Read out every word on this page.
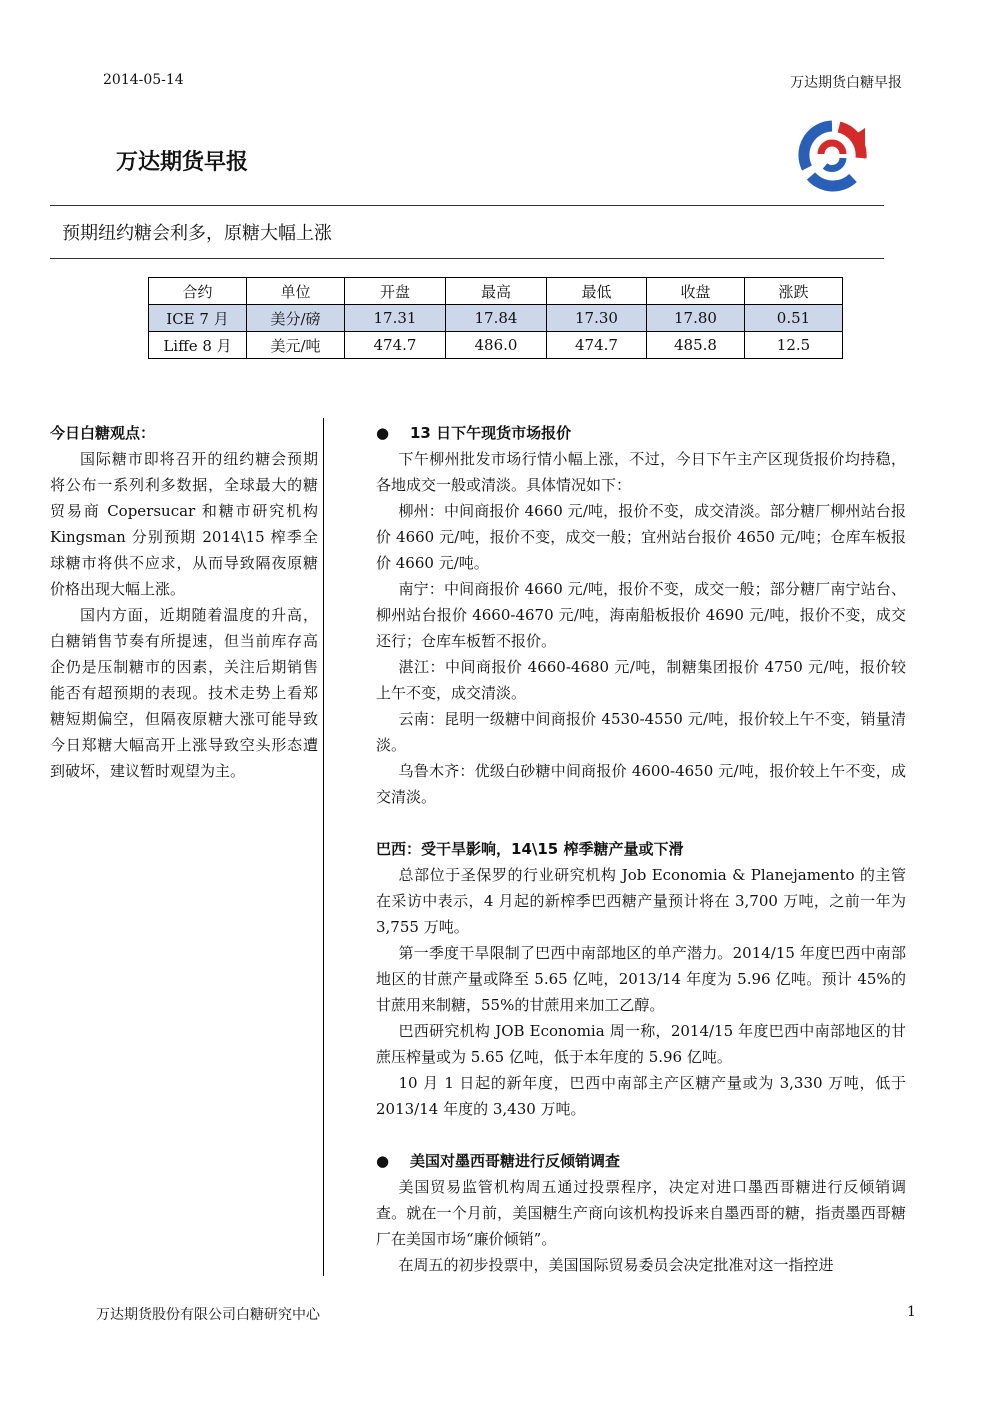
2014-05-14	万达期货白糖早报
万达期货早报
预期纽约糖会利多，原糖大幅上涨
合约	单位	开盘	最高	最低	收盘	涨跌
ICE 7 月	美分/磅	17.31	17.84	17.30	17.80	0.51
Liffe 8 月	美元/吨	474.7	486.0	474.7	485.8	12.5
今日白糖观点：

国际糖市即将召开的纽约糖会预期将公布一系列利多数据，全球最大的糖贸易商 Copersucar 和糖市研究机构 Kingsman 分别预期 2014\15 榨季全球糖市将供不应求，从而导致隔夜原糖价格出现大幅上涨。

国内方面，近期随着温度的升高，白糖销售节奏有所提速，但当前库存高企仍是压制糖市的因素，关注后期销售能否有超预期的表现。技术走势上看郑糖短期偏空，但隔夜原糖大涨可能导致今日郑糖大幅高开上涨导致空头形态遭到破坏，建议暂时观望为主。

● 13 日下午现货市场报价

下午柳州批发市场行情小幅上涨，不过，今日下午主产区现货报价均持稳，各地成交一般或清淡。具体情况如下：

柳州：中间商报价 4660 元/吨，报价不变，成交清淡。部分糖厂柳州站台报价 4660 元/吨，报价不变，成交一般；宜州站台报价 4650 元/吨；仓库车板报价 4660 元/吨。

南宁：中间商报价 4660 元/吨，报价不变，成交一般；部分糖厂南宁站台、柳州站台报价 4660-4670 元/吨，海南船板报价 4690 元/吨，报价不变，成交还行；仓库车板暂不报价。

湛江：中间商报价 4660-4680 元/吨，制糖集团报价 4750 元/吨，报价较上午不变，成交清淡。

云南：昆明一级糖中间商报价 4530-4550 元/吨，报价较上午不变，销量清淡。

乌鲁木齐：优级白砂糖中间商报价 4600-4650 元/吨，报价较上午不变，成交清淡。

巴西：受干旱影响，14\15 榨季糖产量或下滑

总部位于圣保罗的行业研究机构 Job Economia & Planejamento 的主管在采访中表示，4 月起的新榨季巴西糖产量预计将在 3,700 万吨，之前一年为 3,755 万吨。

第一季度干旱限制了巴西中南部地区的单产潜力。2014/15 年度巴西中南部地区的甘蔗产量或降至 5.65 亿吨，2013/14 年度为 5.96 亿吨。预计 45%的甘蔗用来制糖，55%的甘蔗用来加工乙醇。

巴西研究机构 JOB Economia 周一称，2014/15 年度巴西中南部地区的甘蔗压榨量或为 5.65 亿吨，低于本年度的 5.96 亿吨。

10 月 1 日起的新年度，巴西中南部主产区糖产量或为 3,330 万吨，低于 2013/14 年度的 3,430 万吨。

● 美国对墨西哥糖进行反倾销调查

美国贸易监管机构周五通过投票程序，决定对进口墨西哥糖进行反倾销调查。就在一个月前，美国糖生产商向该机构投诉来自墨西哥的糖，指责墨西哥糖厂在美国市场“廉价倾销”。

在周五的初步投票中，美国国际贸易委员会决定批准对这一指控进

万达期货股份有限公司白糖研究中心	1
